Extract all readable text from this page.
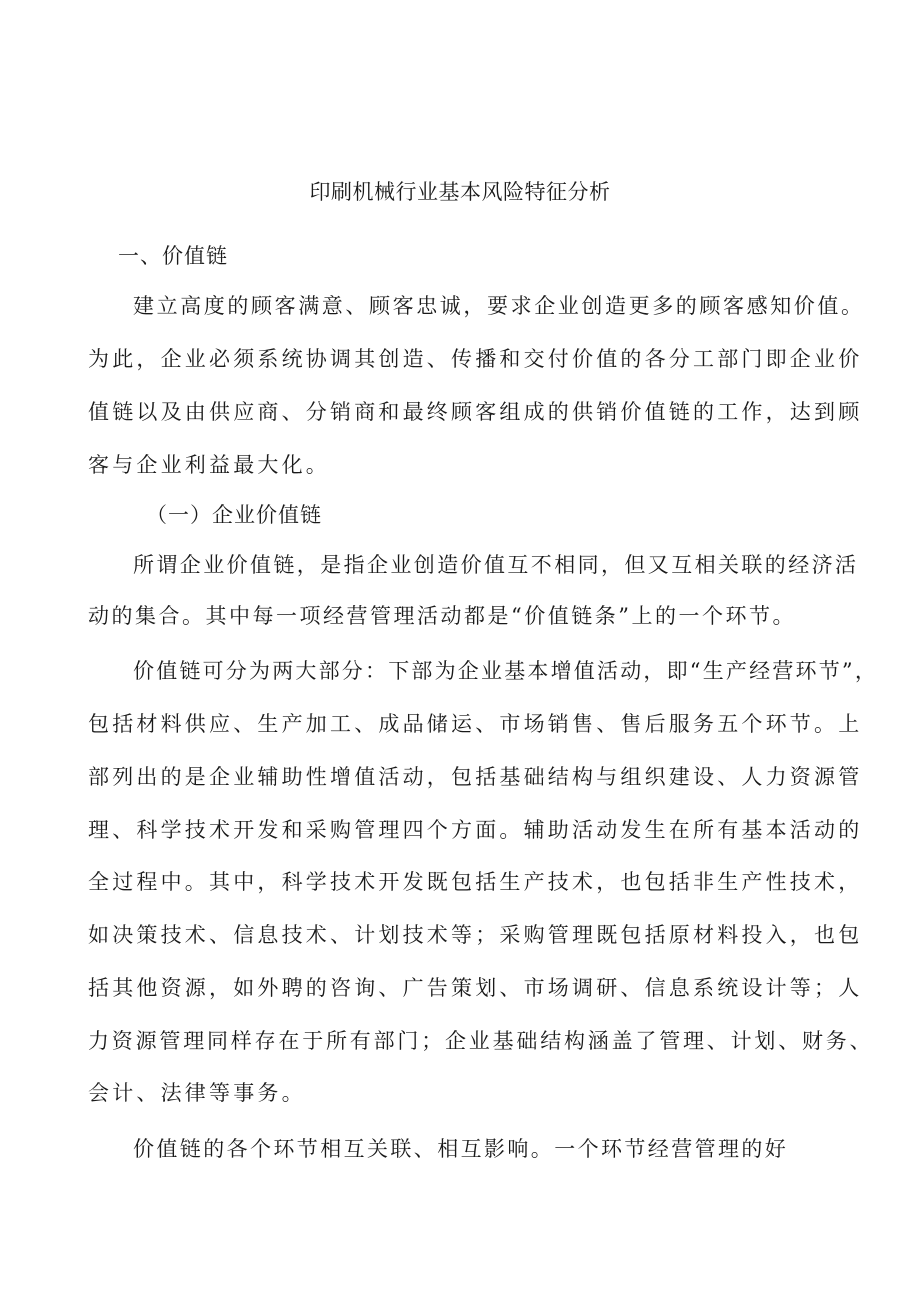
印刷机械行业基本风险特征分析
一、价值链
建立高度的顾客满意、顾客忠诚，要求企业创造更多的顾客感知价值。
为此，企业必须系统协调其创造、传播和交付价值的各分工部门即企业价
值链以及由供应商、分销商和最终顾客组成的供销价值链的工作，达到顾
客与企业利益最大化。
（一）企业价值链
所谓企业价值链，是指企业创造价值互不相同，但又互相关联的经济活
动的集合。其中每一项经营管理活动都是“价值链条”上的一个环节。
价值链可分为两大部分：下部为企业基本增值活动，即“生产经营环节”，
包括材料供应、生产加工、成品储运、市场销售、售后服务五个环节。上
部列出的是企业辅助性增值活动，包括基础结构与组织建设、人力资源管
理、科学技术开发和采购管理四个方面。辅助活动发生在所有基本活动的
全过程中。其中，科学技术开发既包括生产技术，也包括非生产性技术，
如决策技术、信息技术、计划技术等；采购管理既包括原材料投入，也包
括其他资源，如外聘的咨询、广告策划、市场调研、信息系统设计等；人
力资源管理同样存在于所有部门；企业基础结构涵盖了管理、计划、财务、
会计、法律等事务。
价值链的各个环节相互关联、相互影响。一个环节经营管理的好
